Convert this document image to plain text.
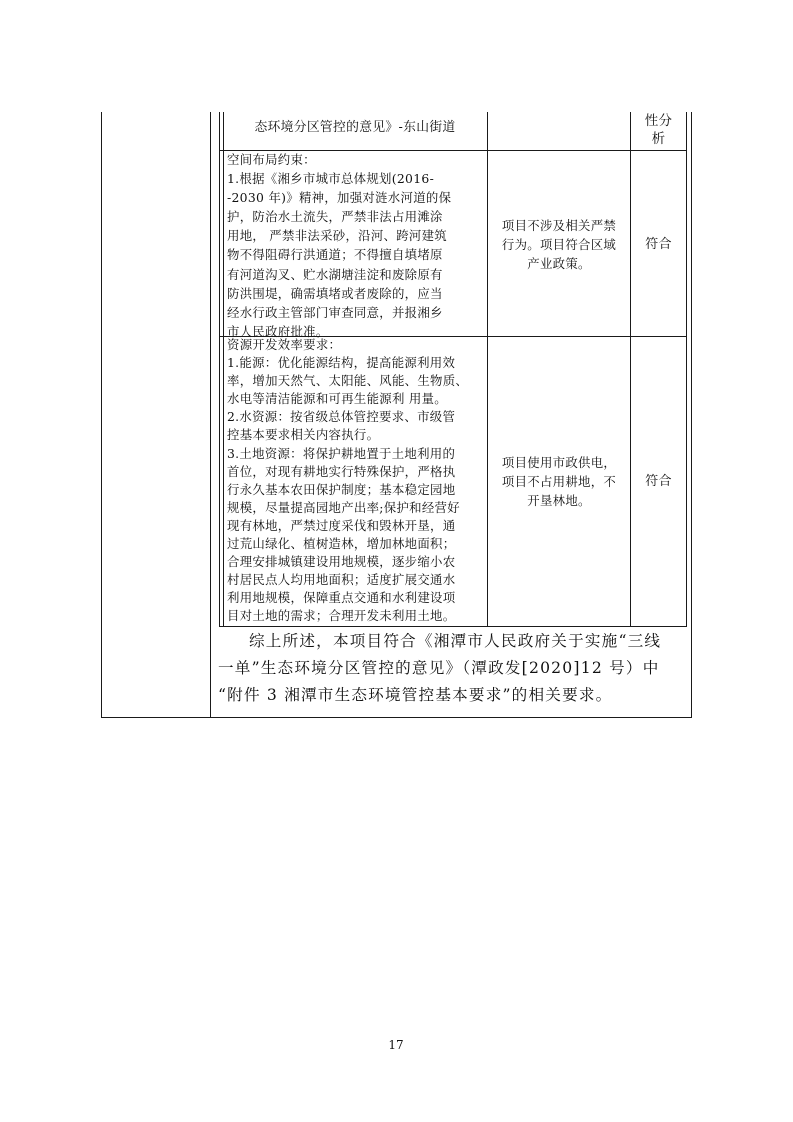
态环境分区管控的意见》-东山街道	性分
析
空间布局约束：
1.根据《湘乡市城市总体规划(2016-
-2030 年)》精神，加强对涟水河道的保
护，防治水土流失，严禁非法占用滩涂
用地， 严禁非法采砂，沿河、跨河建筑
物不得阻碍行洪通道；不得擅自填堵原
有河道沟叉、贮水湖塘洼淀和废除原有
防洪围堤，确需填堵或者废除的，应当
经水行政主管部门审查同意，并报湘乡
市人民政府批准。
项目不涉及相关严禁
行为。项目符合区域
产业政策。
符合
资源开发效率要求：
1.能源：优化能源结构，提高能源利用效
率，增加天然气、太阳能、风能、生物质、
水电等清洁能源和可再生能源利 用量。
2.水资源：按省级总体管控要求、市级管
控基本要求相关内容执行。
3.土地资源：将保护耕地置于土地利用的
首位，对现有耕地实行特殊保护，严格执
行永久基本农田保护制度；基本稳定园地
规模，尽量提高园地产出率;保护和经营好
现有林地，严禁过度采伐和毁林开垦，通
过荒山绿化、植树造林，增加林地面积；
合理安排城镇建设用地规模，逐步缩小农
村居民点人均用地面积；适度扩展交通水
利用地规模，保障重点交通和水利建设项
目对土地的需求；合理开发未利用土地。
项目使用市政供电，
项目不占用耕地，不
开垦林地。
符合
综上所述，本项目符合《湘潭市人民政府关于实施“三线
一单”生态环境分区管控的意见》（潭政发[2020]12 号）中
“附件 3 湘潭市生态环境管控基本要求”的相关要求。
17
